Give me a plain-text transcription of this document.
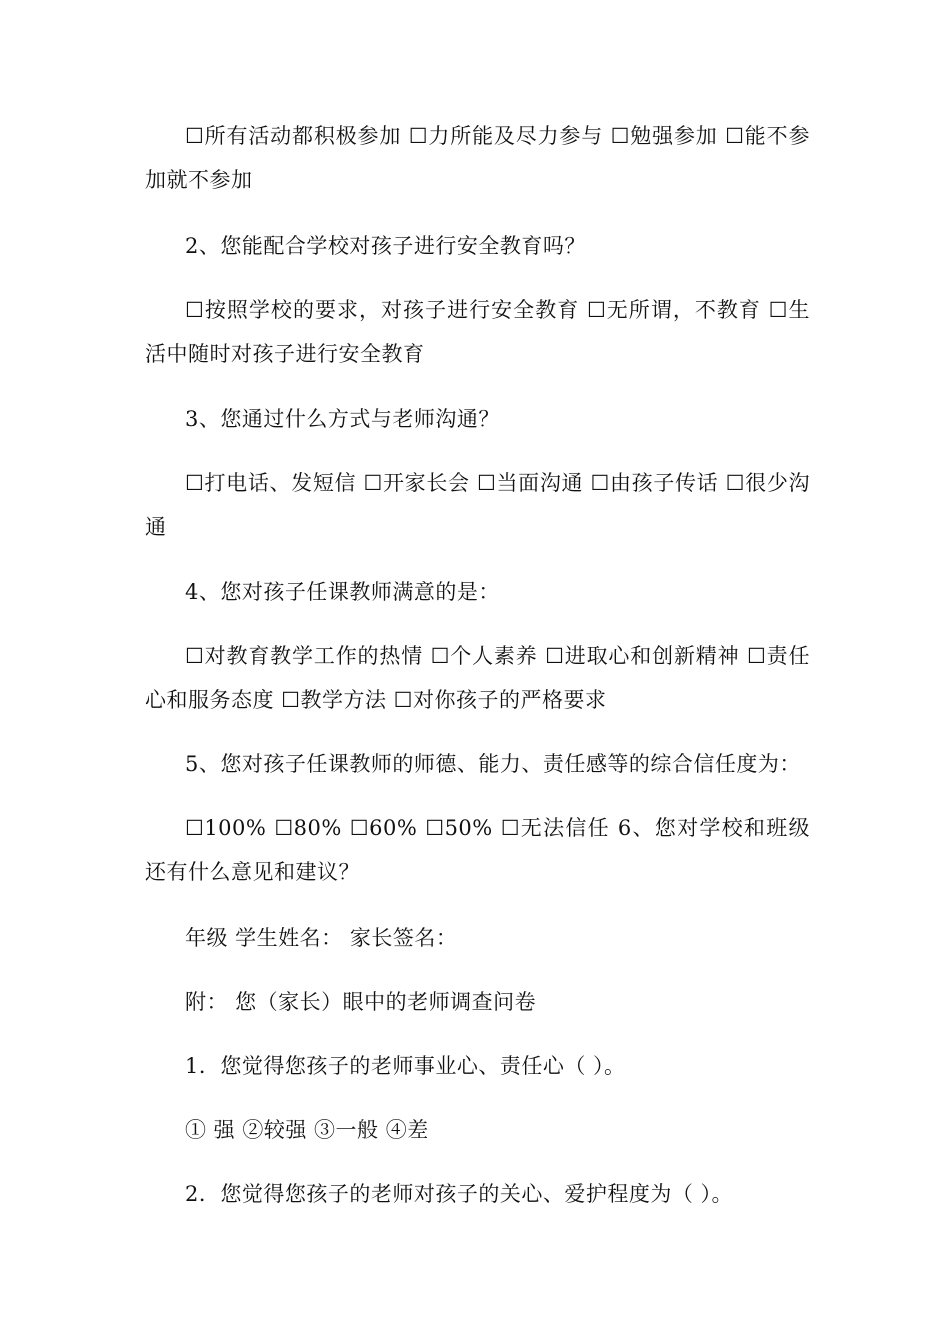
☐所有活动都积极参加 ☐力所能及尽力参与 ☐勉强参加 ☐能不参加就不参加

2、您能配合学校对孩子进行安全教育吗？

☐按照学校的要求，对孩子进行安全教育 ☐无所谓，不教育 ☐生活中随时对孩子进行安全教育

3、您通过什么方式与老师沟通？

☐打电话、发短信 ☐开家长会 ☐当面沟通 ☐由孩子传话 ☐很少沟通

4、您对孩子任课教师满意的是：

☐对教育教学工作的热情 ☐个人素养 ☐进取心和创新精神 ☐责任心和服务态度 ☐教学方法 ☐对你孩子的严格要求

5、您对孩子任课教师的师德、能力、责任感等的综合信任度为：

☐100% ☐80% ☐60% ☐50% ☐无法信任 6、您对学校和班级还有什么意见和建议？

年级 学生姓名： 家长签名：

附： 您（家长）眼中的老师调查问卷

1．您觉得您孩子的老师事业心、责任心（ ）。

① 强 ②较强 ③一般 ④差

2．您觉得您孩子的老师对孩子的关心、爱护程度为（ ）。
